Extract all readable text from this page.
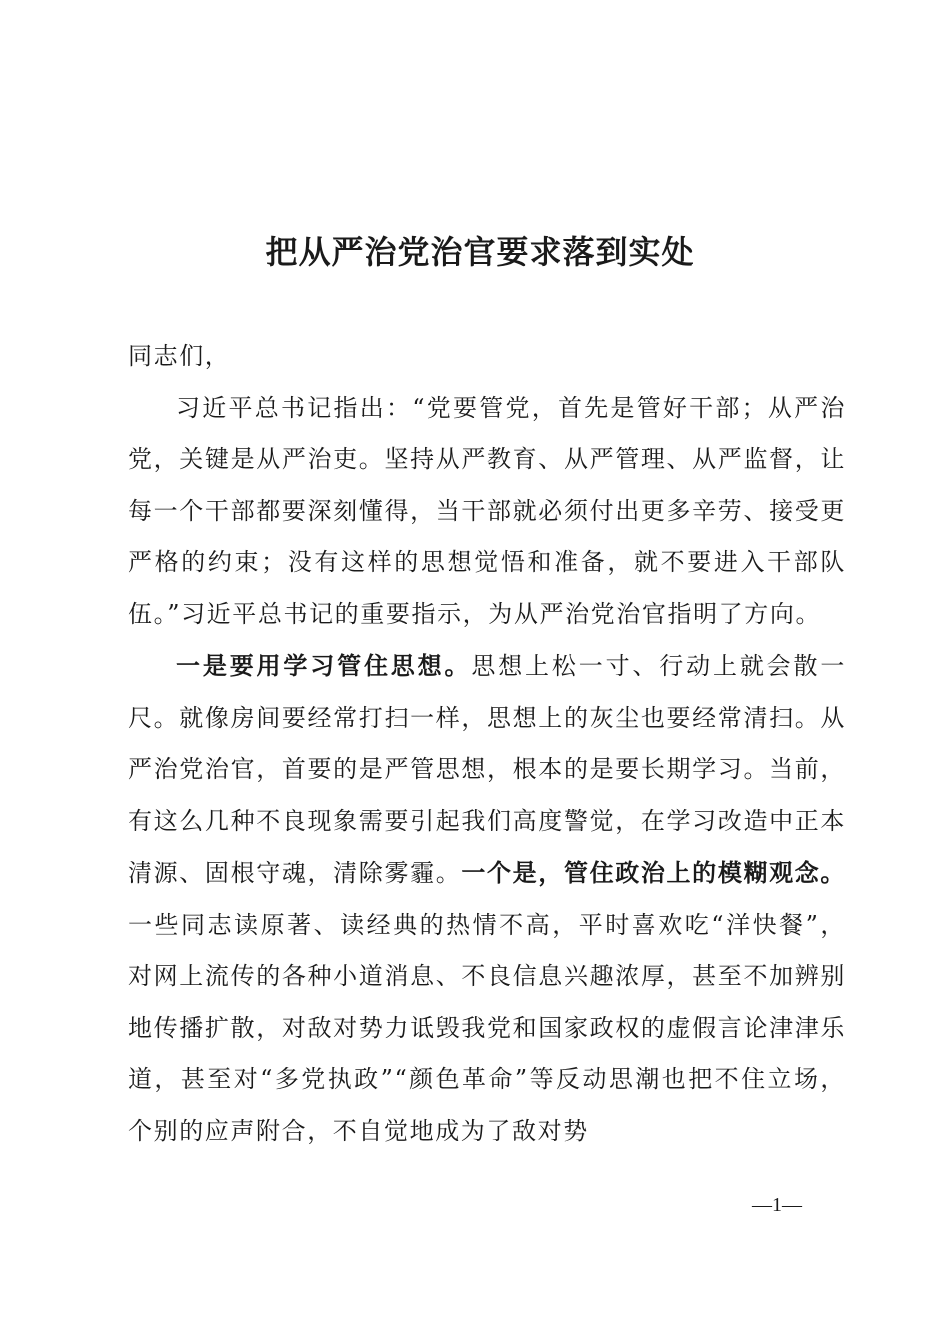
把从严治党治官要求落到实处

同志们，

习近平总书记指出：“党要管党，首先是管好干部；从严治党，关键是从严治吏。坚持从严教育、从严管理、从严监督，让每一个干部都要深刻懂得，当干部就必须付出更多辛劳、接受更严格的约束；没有这样的思想觉悟和准备，就不要进入干部队伍。”习近平总书记的重要指示，为从严治党治官指明了方向。

一是要用学习管住思想。思想上松一寸、行动上就会散一尺。就像房间要经常打扫一样，思想上的灰尘也要经常清扫。从严治党治官，首要的是严管思想，根本的是要长期学习。当前，有这么几种不良现象需要引起我们高度警觉，在学习改造中正本清源、固根守魂，清除雾霾。一个是，管住政治上的模糊观念。一些同志读原著、读经典的热情不高，平时喜欢吃“洋快餐”，对网上流传的各种小道消息、不良信息兴趣浓厚，甚至不加辨别地传播扩散，对敌对势力诋毁我党和国家政权的虚假言论津津乐道，甚至对“多党执政”“颜色革命”等反动思潮也把不住立场，个别的应声附合，不自觉地成为了敌对势

—1—
